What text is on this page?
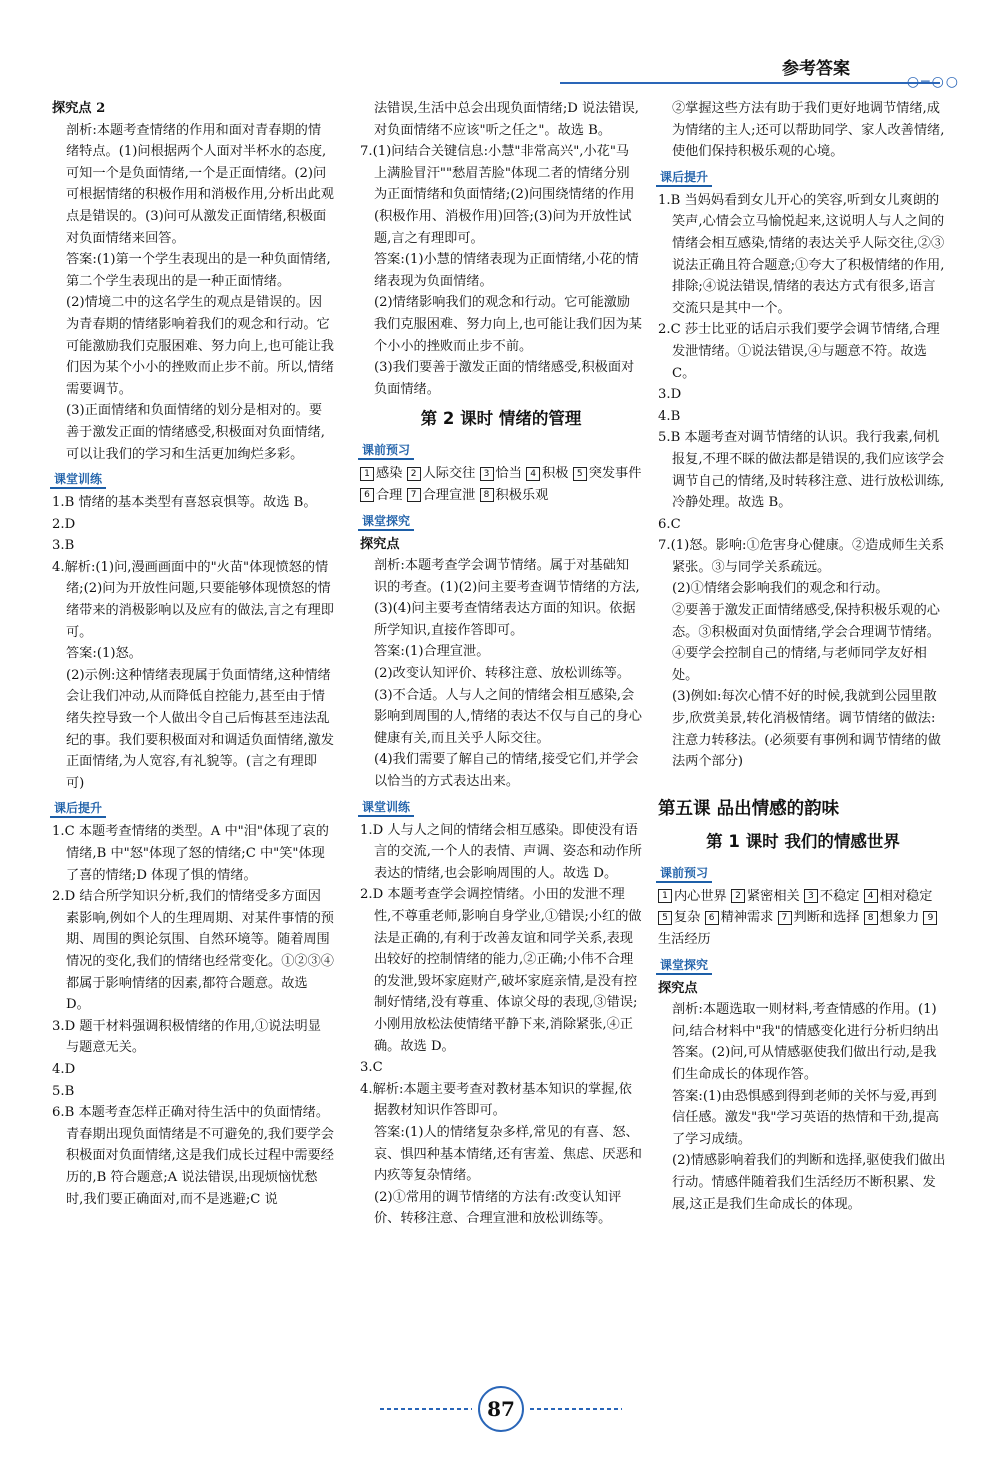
参考答案
○─○○

探究点 2

剖析:本题考查情绪的作用和面对青春期的情绪特点。(1)问根据两个人面对半杯水的态度,可知一个是负面情绪,一个是正面情绪。(2)问可根据情绪的积极作用和消极作用,分析出此观点是错误的。(3)问可从激发正面情绪,积极面对负面情绪来回答。

答案:(1)第一个学生表现出的是一种负面情绪,第二个学生表现出的是一种正面情绪。

(2)情境二中的这名学生的观点是错误的。因为青春期的情绪影响着我们的观念和行动。它可能激励我们克服困难、努力向上,也可能让我们因为某个小小的挫败而止步不前。所以,情绪需要调节。

(3)正面情绪和负面情绪的划分是相对的。要善于激发正面的情绪感受,积极面对负面情绪,可以让我们的学习和生活更加绚烂多彩。

课堂训练

1.B 情绪的基本类型有喜怒哀惧等。故选 B。

2.D

3.B

4.解析:(1)问,漫画画面中的"火苗"体现愤怒的情绪;(2)问为开放性问题,只要能够体现愤怒的情绪带来的消极影响以及应有的做法,言之有理即可。

答案:(1)怒。

(2)示例:这种情绪表现属于负面情绪,这种情绪会让我们冲动,从而降低自控能力,甚至由于情绪失控导致一个人做出令自己后悔甚至违法乱纪的事。我们要积极面对和调适负面情绪,激发正面情绪,为人宽容,有礼貌等。(言之有理即可)

课后提升

1.C 本题考查情绪的类型。A 中"泪"体现了哀的情绪,B 中"怒"体现了怒的情绪;C 中"笑"体现了喜的情绪;D 体现了惧的情绪。

2.D 结合所学知识分析,我们的情绪受多方面因素影响,例如个人的生理周期、对某件事情的预期、周围的舆论氛围、自然环境等。随着周围情况的变化,我们的情绪也经常变化。①②③④都属于影响情绪的因素,都符合题意。故选 D。

3.D 题干材料强调积极情绪的作用,①说法明显与题意无关。

4.D

5.B

6.B 本题考查怎样正确对待生活中的负面情绪。青春期出现负面情绪是不可避免的,我们要学会积极面对负面情绪,这是我们成长过程中需要经历的,B 符合题意;A 说法错误,出现烦恼忧愁时,我们要正确面对,而不是逃避;C 说

法错误,生活中总会出现负面情绪;D 说法错误,对负面情绪不应该"听之任之"。故选 B。

7.(1)问结合关键信息:小慧"非常高兴",小花"马上满脸冒汗""愁眉苦脸"体现二者的情绪分别为正面情绪和负面情绪;(2)问围绕情绪的作用(积极作用、消极作用)回答;(3)问为开放性试题,言之有理即可。

答案:(1)小慧的情绪表现为正面情绪,小花的情绪表现为负面情绪。

(2)情绪影响我们的观念和行动。它可能激励我们克服困难、努力向上,也可能让我们因为某个小小的挫败而止步不前。

(3)我们要善于激发正面的情绪感受,积极面对负面情绪。

第 2 课时 情绪的管理
课前预习
1 感染 2 人际交往 3 恰当 4 积极 5 突发事件 6 合理 7 合理宣泄 8 积极乐观
课堂探究

探究点

剖析:本题考查学会调节情绪。属于对基础知识的考查。(1)(2)问主要考查调节情绪的方法,(3)(4)问主要考查情绪表达方面的知识。依据所学知识,直接作答即可。

答案:(1)合理宣泄。

(2)改变认知评价、转移注意、放松训练等。

(3)不合适。人与人之间的情绪会相互感染,会影响到周围的人,情绪的表达不仅与自己的身心健康有关,而且关乎人际交往。

(4)我们需要了解自己的情绪,接受它们,并学会以恰当的方式表达出来。

课堂训练

1.D 人与人之间的情绪会相互感染。即使没有语言的交流,一个人的表情、声调、姿态和动作所表达的情绪,也会影响周围的人。故选 D。

2.D 本题考查学会调控情绪。小田的发泄不理性,不尊重老师,影响自身学业,①错误;小红的做法是正确的,有利于改善友谊和同学关系,表现出较好的控制情绪的能力,②正确;小伟不合理的发泄,毁坏家庭财产,破坏家庭亲情,是没有控制好情绪,没有尊重、体谅父母的表现,③错误;小刚用放松法使情绪平静下来,消除紧张,④正确。故选 D。

3.C

4.解析:本题主要考查对教材基本知识的掌握,依据教材知识作答即可。

答案:(1)人的情绪复杂多样,常见的有喜、怒、哀、惧四种基本情绪,还有害羞、焦虑、厌恶和内疚等复杂情绪。

(2)①常用的调节情绪的方法有:改变认知评价、转移注意、合理宣泄和放松训练等。

②掌握这些方法有助于我们更好地调节情绪,成为情绪的主人;还可以帮助同学、家人改善情绪,使他们保持积极乐观的心境。

课后提升

1.B 当妈妈看到女儿开心的笑容,听到女儿爽朗的笑声,心情会立马愉悦起来,这说明人与人之间的情绪会相互感染,情绪的表达关乎人际交往,②③说法正确且符合题意;①夸大了积极情绪的作用,排除;④说法错误,情绪的表达方式有很多,语言交流只是其中一个。

2.C 莎士比亚的话启示我们要学会调节情绪,合理发泄情绪。①说法错误,④与题意不符。故选 C。

3.D

4.B

5.B 本题考查对调节情绪的认识。我行我素,伺机报复,不理不睬的做法都是错误的,我们应该学会调节自己的情绪,及时转移注意、进行放松训练,冷静处理。故选 B。

6.C

7.(1)怒。影响:①危害身心健康。②造成师生关系紧张。③与同学关系疏远。

(2)①情绪会影响我们的观念和行动。

②要善于激发正面情绪感受,保持积极乐观的心态。③积极面对负面情绪,学会合理调节情绪。④要学会控制自己的情绪,与老师同学友好相处。

(3)例如:每次心情不好的时候,我就到公园里散步,欣赏美景,转化消极情绪。调节情绪的做法:注意力转移法。(必须要有事例和调节情绪的做法两个部分)

第五课 品出情感的韵味
第 1 课时 我们的情感世界
课前预习
1 内心世界 2 紧密相关 3 不稳定 4 相对稳定 5 复杂 6 精神需求 7 判断和选择 8 想象力 9生活经历
课堂探究

探究点

剖析:本题选取一则材料,考查情感的作用。(1)问,结合材料中"我"的情感变化进行分析归纳出答案。(2)问,可从情感驱使我们做出行动,是我们生命成长的体现作答。

答案:(1)由恐惧感到得到老师的关怀与爱,再到信任感。激发"我"学习英语的热情和干劲,提高了学习成绩。

(2)情感影响着我们的判断和选择,驱使我们做出行动。情感伴随着我们生活经历不断积累、发展,这正是我们生命成长的体现。

87
